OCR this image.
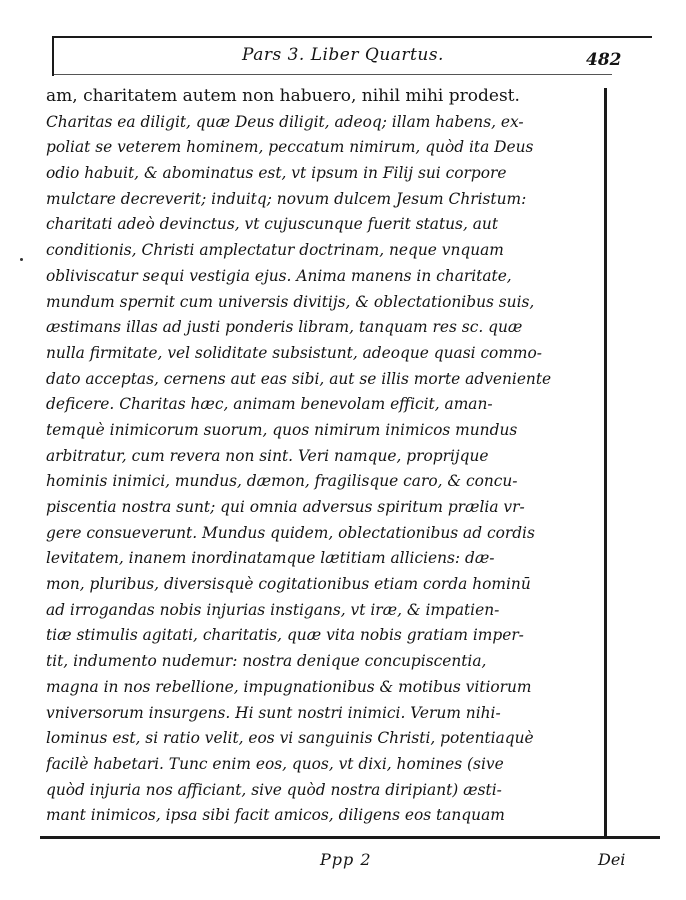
Pars 3. Liber Quartus.	482
am, charitatem autem non habuero, nihil mihi prodest.
Charitas ea diligit, quæ Deus diligit, adeoq; illam habens, ex-
poliat se veterem hominem, peccatum nimirum, quòd ita Deus
odio habuit, & abominatus est, vt ipsum in Filij sui corpore
mulctare decreverit; induitq; novum dulcem Jesum Christum:
charitati adeò devinctus, vt cujuscunque fuerit status, aut
conditionis, Christi amplectatur doctrinam, neque vnquam
obliviscatur sequi vestigia ejus. Anima manens in charitate,
mundum spernit cum universis divitijs, & oblectationibus suis,
æstimans illas ad justi ponderis libram, tanquam res sc. quæ
nulla firmitate, vel soliditate subsistunt, adeoque quasi commo-
dato acceptas, cernens aut eas sibi, aut se illis morte adveniente
deficere. Charitas hæc, animam benevolam efficit, aman-
temquè inimicorum suorum, quos nimirum inimicos mundus
arbitratur, cum revera non sint. Veri namque, proprijque
hominis inimici, mundus, dæmon, fragilisque caro, & concu-
piscentia nostra sunt; qui omnia adversus spiritum prælia vr-
gere consueverunt. Mundus quidem, oblectationibus ad cordis
levitatem, inanem inordinatamque lætitiam alliciens: dæ-
mon, pluribus, diversisquè cogitationibus etiam corda hominū
ad irrogandas nobis injurias instigans, vt iræ, & impatien-
tiæ stimulis agitati, charitatis, quæ vita nobis gratiam imper-
tit, indumento nudemur: nostra denique concupiscentia,
magna in nos rebellione, impugnationibus & motibus vitiorum
vniversorum insurgens. Hi sunt nostri inimici. Verum nihi-
lominus est, si ratio velit, eos vi sanguinis Christi, potentiaquè
facilè habetari. Tunc enim eos, quos, vt dixi, homines (sive
quòd injuria nos afficiant, sive quòd nostra diripiant) æsti-
mant inimicos, ipsa sibi facit amicos, diligens eos tanquam
Ppp 2	Dei
